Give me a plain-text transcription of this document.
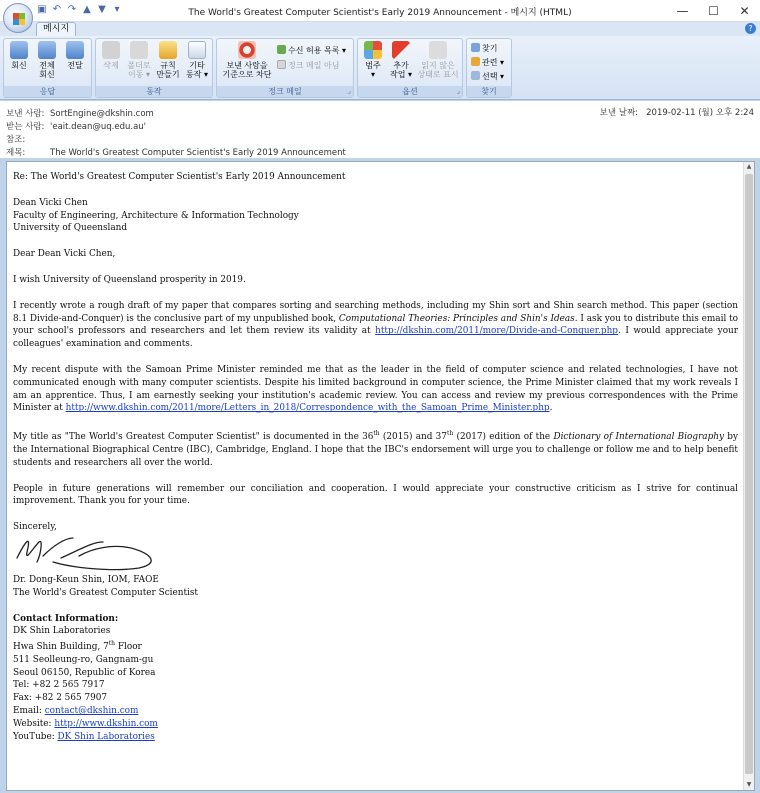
▣ ↶ ↷ ▲ ▼ ▾	The World's Greatest Computer Scientist's Early 2019 Announcement - 메시지 (HTML)	—	☐	✕
메시지	?
회신	전체
회신
전달
응답
삭제	폴더로
이동 ▾
규칙
만들기
기타
동작 ▾
동작
보낸 사람을
기준으로 차단
수신 허용 목록 ▾
정크 메일 아님
정크 메일	⌟
범주
▾
추가
작업 ▾
읽지 않은
상태로 표시
옵션	⌟
찾기
관련 ▾
선택 ▾
찾기
보낸 사람: SortEngine@dkshin.com
받는 사람: 'eait.dean@uq.edu.au'
참조:
제목:	The World's Greatest Computer Scientist's Early 2019 Announcement
보낸 날짜: 2019-02-11 (월) 오후 2:24

Re: The World's Greatest Computer Scientist's Early 2019 Announcement

Dean Vicki Chen
Faculty of Engineering, Architecture & Information Technology
University of Queensland

Dear Dean Vicki Chen,

I wish University of Queensland prosperity in 2019.

I recently wrote a rough draft of my paper that compares sorting and searching methods, including my Shin sort and Shin search method. This paper (section 8.1 Divide-and-Conquer) is the conclusive part of my unpublished book, Computational Theories: Principles and Shin's Ideas. I ask you to distribute this email to your school's professors and researchers and let them review its validity at http://dkshin.com/2011/more/Divide-and-Conquer.php. I would appreciate your colleagues' examination and comments.

My recent dispute with the Samoan Prime Minister reminded me that as the leader in the field of computer science and related technologies, I have not communicated enough with many computer scientists. Despite his limited background in computer science, the Prime Minister claimed that my work reveals I am an apprentice. Thus, I am earnestly seeking your institution's academic review. You can access and review my previous correspondences with the Prime Minister at http://www.dkshin.com/2011/more/Letters_in_2018/Correspondence_with_the_Samoan_Prime_Minister.php.

My title as "The World's Greatest Computer Scientist" is documented in the 36th (2015) and 37th (2017) edition of the Dictionary of International Biography by the International Biographical Centre (IBC), Cambridge, England. I hope that the IBC's endorsement will urge you to challenge or follow me and to help benefit students and researchers all over the world.

People in future generations will remember our conciliation and cooperation. I would appreciate your constructive criticism as I strive for continual improvement. Thank you for your time.

Sincerely,
Dr. Dong-Keun Shin, IOM, FAOE

The World's Greatest Computer Scientist

Contact Information:
DK Shin Laboratories
Hwa Shin Building, 7th Floor
511 Seolleung-ro, Gangnam-gu
Seoul 06150, Republic of Korea
Tel: +82 2 565 7917
Fax: +82 2 565 7907
Email: contact@dkshin.com
Website: http://www.dkshin.com
YouTube: DK Shin Laboratories
▲
▼
